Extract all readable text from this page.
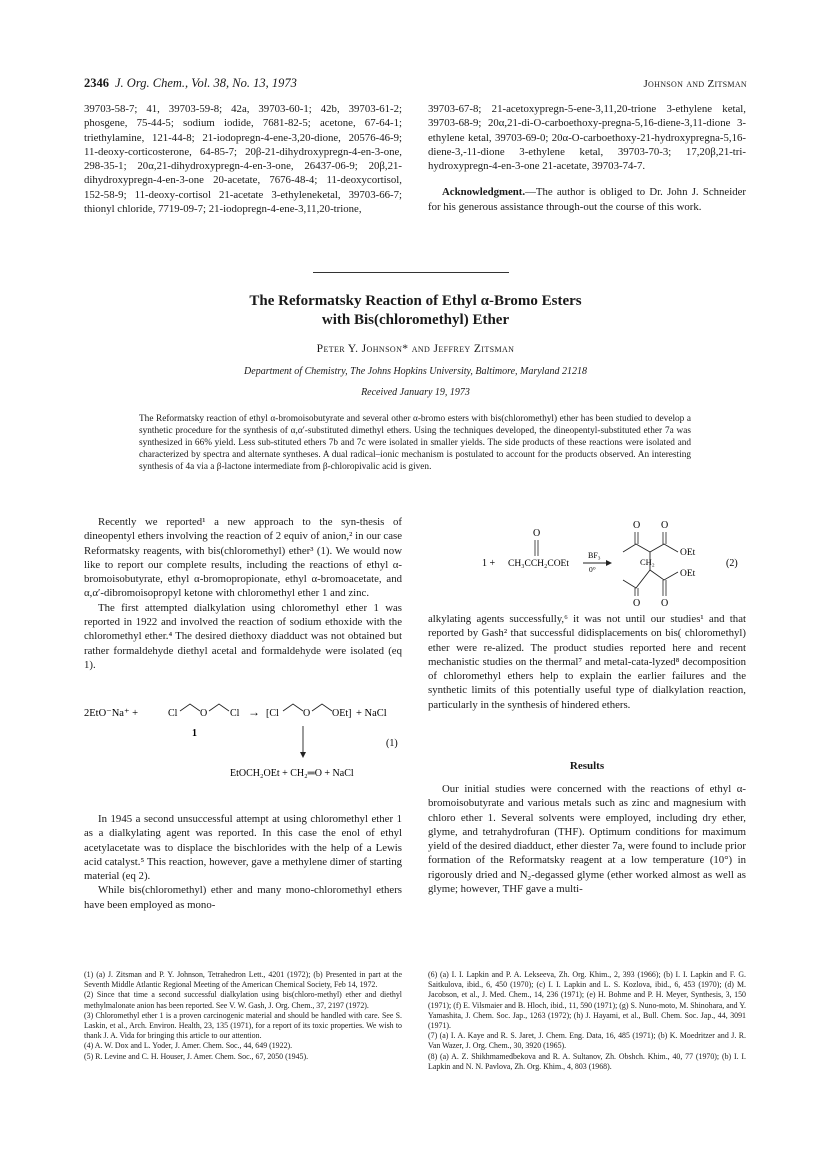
2346 J. Org. Chem., Vol. 38, No. 13, 1973	Johnson and Zitsman

39703-58-7; 41, 39703-59-8; 42a, 39703-60-1; 42b, 39703-61-2; phosgene, 75-44-5; sodium iodide, 7681-82-5; acetone, 67-64-1; triethylamine, 121-44-8; 21-iodopregn-4-ene-3,20-dione, 20576-46-9; 11-deoxy-corticosterone, 64-85-7; 20β-21-dihydroxypregn-4-en-3-one, 298-35-1; 20α,21-dihydroxypregn-4-en-3-one, 26437-06-9; 20β,21-dihydroxypregn-4-en-3-one 20-acetate, 7676-48-4; 11-deoxycortisol, 152-58-9; 11-deoxy-cortisol 21-acetate 3-ethyleneketal, 39703-66-7; thionyl chloride, 7719-09-7; 21-iodopregn-4-ene-3,11,20-trione,

39703-67-8; 21-acetoxypregn-5-ene-3,11,20-trione 3-ethylene ketal, 39703-68-9; 20α,21-di-O-carboethoxy-pregna-5,16-diene-3,11-dione 3-ethylene ketal, 39703-69-0; 20α-O-carboethoxy-21-hydroxypregna-5,16-diene-3,-11-dione 3-ethylene ketal, 39703-70-3; 17,20β,21-tri-hydroxypregn-4-en-3-one 21-acetate, 39703-74-7.

Acknowledgment.—The author is obliged to Dr. John J. Schneider for his generous assistance through-out the course of this work.

The Reformatsky Reaction of Ethyl α-Bromo Esters
with Bis(chloromethyl) Ether
Peter Y. Johnson* and Jeffrey Zitsman
Department of Chemistry, The Johns Hopkins University, Baltimore, Maryland 21218
Received January 19, 1973
The Reformatsky reaction of ethyl α-bromoisobutyrate and several other α-bromo esters with bis(chloromethyl) ether has been studied to develop a synthetic procedure for the synthesis of α,α′-substituted dimethyl ethers. Using the techniques developed, the dineopentyl-substituted ether 7a was synthesized in 66% yield. Less sub-stituted ethers 7b and 7c were isolated in smaller yields. The side products of these reactions were isolated and characterized by spectra and alternate syntheses. A dual radical–ionic mechanism is postulated to account for the products observed. An interesting synthesis of 4a via a β-lactone intermediate from β-chloropivalic acid is given.

Recently we reported¹ a new approach to the syn-thesis of dineopentyl ethers involving the reaction of 2 equiv of anion,² in our case Reformatsky reagents, with bis(chloromethyl) ether³ (1). We would now like to report our complete results, including the reactions of ethyl α-bromoisobutyrate, ethyl α-bromopropionate, ethyl α-bromoacetate, and α,α′-dibromoisopropyl ketone with chloromethyl ether 1 and zinc.

The first attempted dialkylation using chloromethyl ether 1 was reported in 1922 and involved the reaction of sodium ethoxide with the chloromethyl ether.⁴ The desired diethoxy diadduct was not obtained but rather formaldehyde diethyl acetal and formaldehyde were isolated (eq 1).

2EtO⁻Na⁺ +	Cl O Cl → [Cl O OEt] + NaCl
1
(1)
EtOCH₂OEt + CH₂═O + NaCl

In 1945 a second unsuccessful attempt at using chloromethyl ether 1 as a dialkylating agent was reported. In this case the enol of ethyl acetylacetate was to displace the bischlorides with the help of a Lewis acid catalyst.⁵ This reaction, however, gave a methylene dimer of starting material (eq 2).

While bis(chloromethyl) ether and many mono-chloromethyl ethers have been employed as mono-

1 +
O
CH₃CCH₂COEt
BF₃
0°
O O
CH₂
OEt
OEt
O O
(2)

alkylating agents successfully,⁶ it was not until our studies¹ and that reported by Gash² that successful didisplacements on bis( chloromethyl) ether were re-alized. The product studies reported here and recent mechanistic studies on the thermal⁷ and metal-cata-lyzed⁸ decomposition of chloromethyl ethers help to explain the earlier failures and the synthetic limits of this potentially useful type of dialkylation reaction, particularly in the synthesis of hindered ethers.

Results

Our initial studies were concerned with the reactions of ethyl α-bromoisobutyrate and various metals such as zinc and magnesium with chloro ether 1. Several solvents were employed, including dry ether, glyme, and tetrahydrofuran (THF). Optimum conditions for maximum yield of the desired diadduct, ether diester 7a, were found to include prior formation of the Reformatsky reagent at a low temperature (10°) in rigorously dried and N₂-degassed glyme (ether worked almost as well as glyme; however, THF gave a multi-

(1) (a) J. Zitsman and P. Y. Johnson, Tetrahedron Lett., 4201 (1972); (b) Presented in part at the Seventh Middle Atlantic Regional Meeting of the American Chemical Society, Feb 14, 1972.
(2) Since that time a second successful dialkylation using bis(chloro-methyl) ether and diethyl methylmalonate anion has been reported. See V. W. Gash, J. Org. Chem., 37, 2197 (1972).
(3) Chloromethyl ether 1 is a proven carcinogenic material and should be handled with care. See S. Laskin, et al., Arch. Environ. Health, 23, 135 (1971), for a report of its toxic properties. We wish to thank J. A. Vida for bringing this article to our attention.
(4) A. W. Dox and L. Yoder, J. Amer. Chem. Soc., 44, 649 (1922).
(5) R. Levine and C. H. Houser, J. Amer. Chem. Soc., 67, 2050 (1945).
(6) (a) I. I. Lapkin and P. A. Lekseeva, Zh. Org. Khim., 2, 393 (1966); (b) I. I. Lapkin and F. G. Saitkulova, ibid., 6, 450 (1970); (c) I. I. Lapkin and L. S. Kozlova, ibid., 6, 453 (1970); (d) M. Jacobson, et al., J. Med. Chem., 14, 236 (1971); (e) H. Bohme and P. H. Meyer, Synthesis, 3, 150 (1971); (f) E. Vilsmaier and B. Hloch, ibid., 11, 590 (1971); (g) S. Nuno-moto, M. Shinohara, and Y. Yamashita, J. Chem. Soc. Jap., 1263 (1972); (h) J. Hayami, et al., Bull. Chem. Soc. Jap., 44, 3091 (1971).
(7) (a) I. A. Kaye and R. S. Jaret, J. Chem. Eng. Data, 16, 485 (1971); (b) K. Moedritzer and J. R. Van Wazer, J. Org. Chem., 30, 3920 (1965).
(8) (a) A. Z. Shikhmamedbekova and R. A. Sultanov, Zh. Obshch. Khim., 40, 77 (1970); (b) I. I. Lapkin and N. N. Pavlova, Zh. Org. Khim., 4, 803 (1968).
